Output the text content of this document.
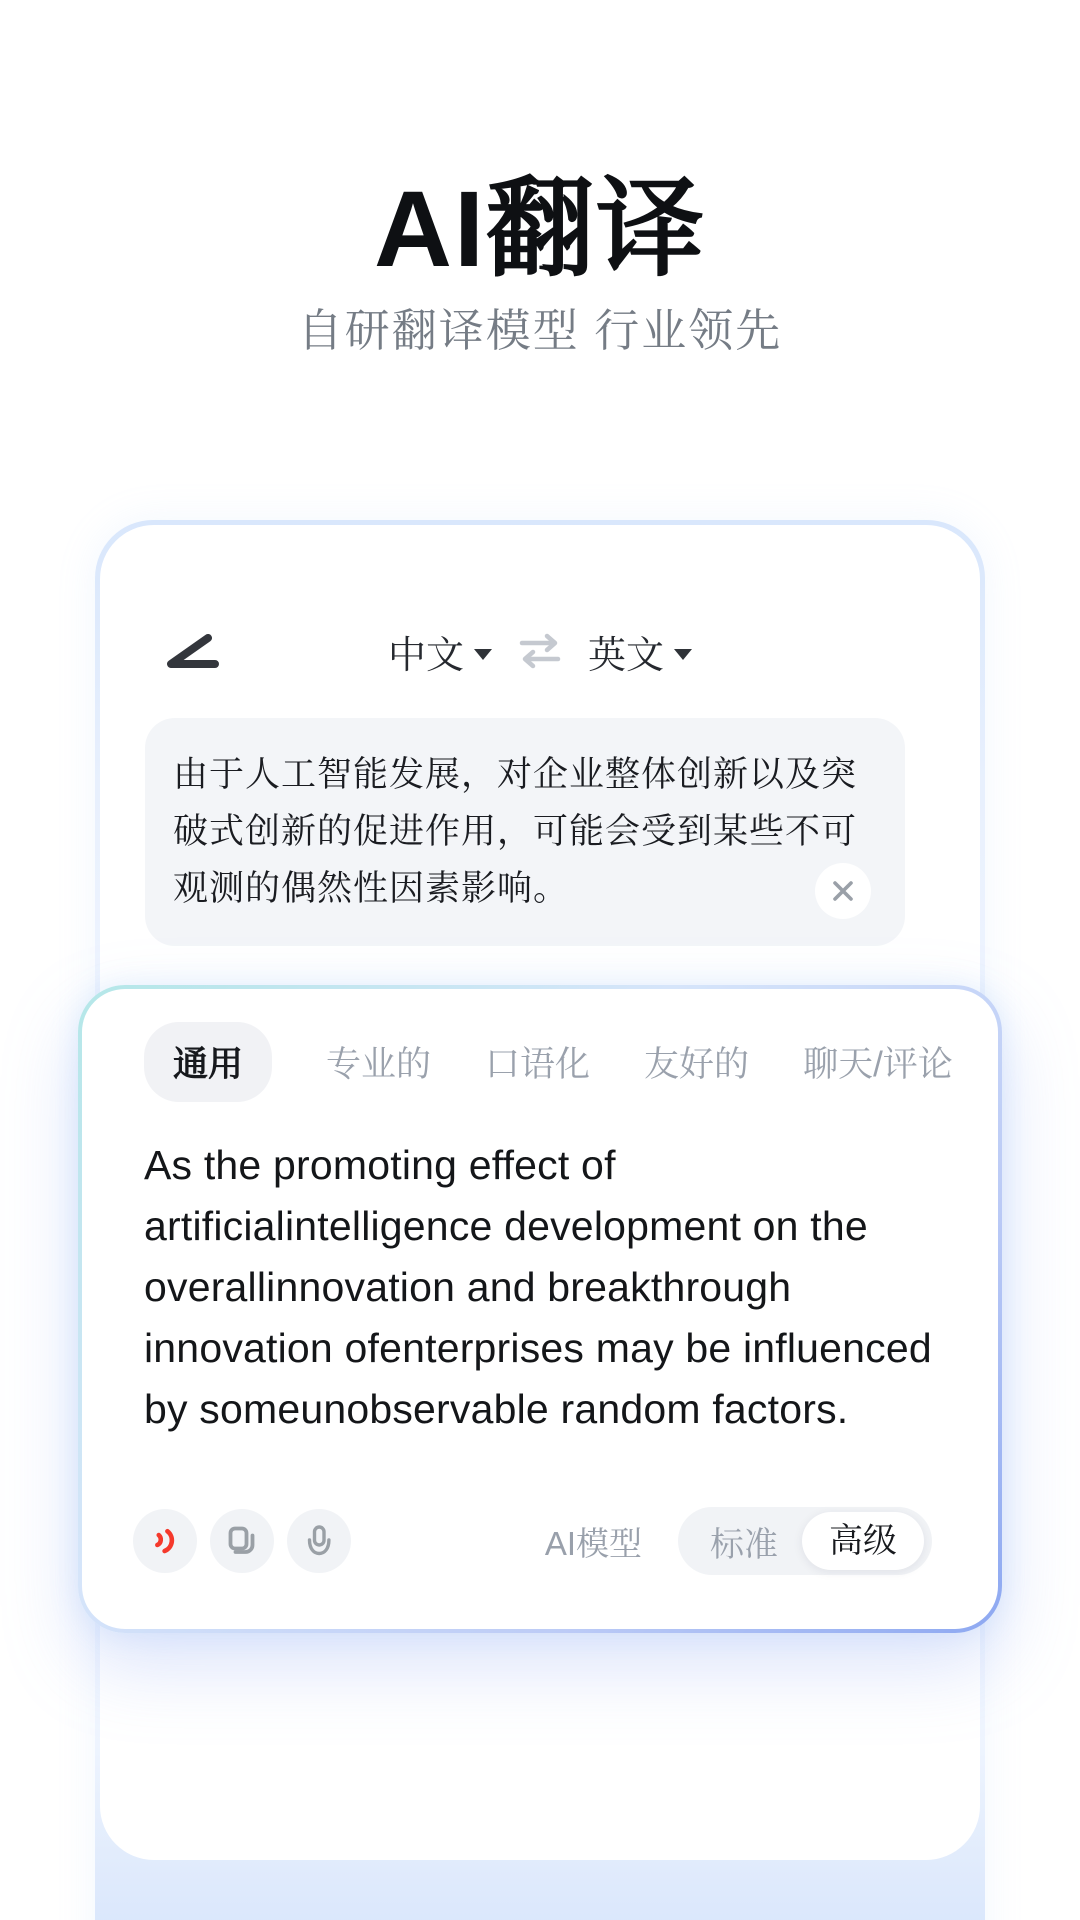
AI翻译
自研翻译模型 行业领先
中文	英文
由于人工智能发展，对企业整体创新以及突
破式创新的促进作用，可能会受到某些不可
观测的偶然性因素影响。
通用	专业的 口语化 友好的 聊天/评论
As the promoting effect of
artificialintelligence development on the
overallinnovation and breakthrough
innovation ofenterprises may be influenced
by someunobservable random factors.
AI模型	标准	高级
